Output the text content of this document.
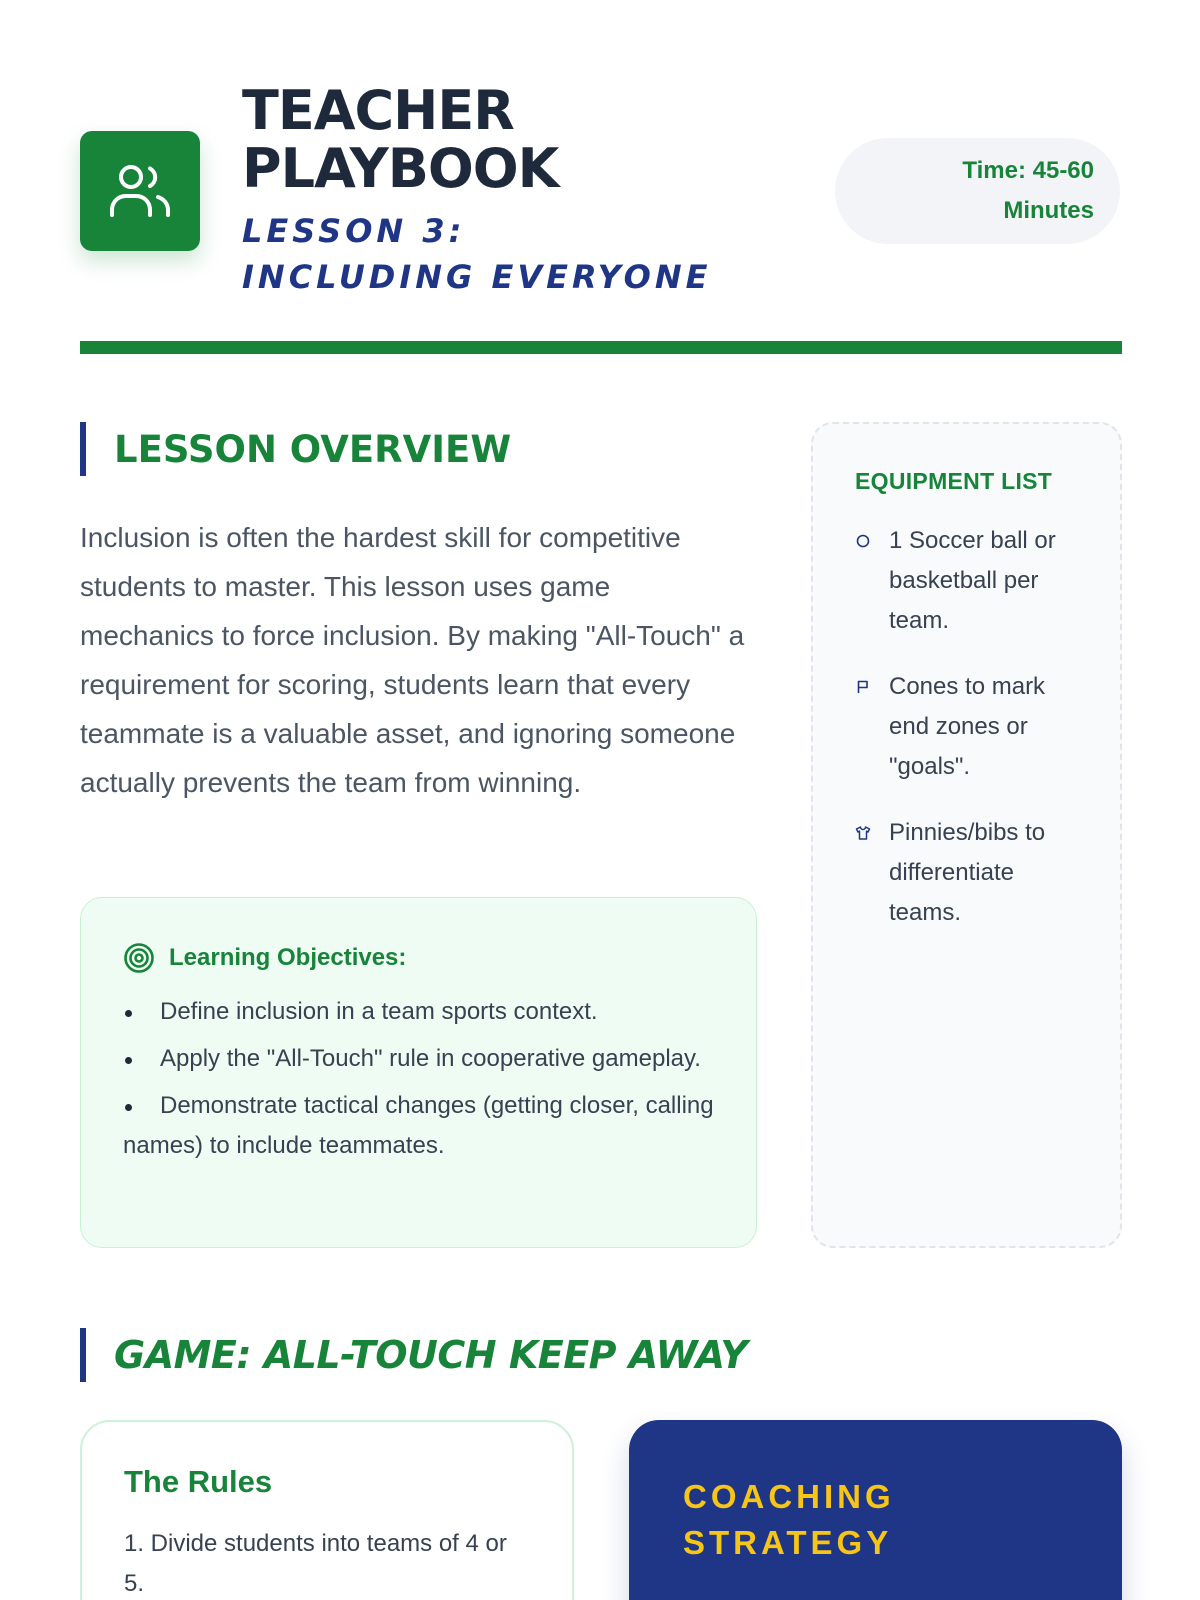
TEACHER PLAYBOOK
LESSON 3: INCLUDING EVERYONE
Time: 45-60 Minutes
LESSON OVERVIEW

Inclusion is often the hardest skill for competitive students to master. This lesson uses game mechanics to force inclusion. By making "All-Touch" a requirement for scoring, students learn that every teammate is a valuable asset, and ignoring someone actually prevents the team from winning.

Learning Objectives:
Define inclusion in a team sports context.
Apply the "All-Touch" rule in cooperative gameplay.
Demonstrate tactical changes (getting closer, calling names) to include teammates.
EQUIPMENT LIST
1 Soccer ball or basketball per team.
Cones to mark end zones or "goals".
Pinnies/bibs to differentiate teams.
GAME: ALL-TOUCH KEEP AWAY
The Rules

1. Divide students into teams of 4 or 5.

COACHING STRATEGY
